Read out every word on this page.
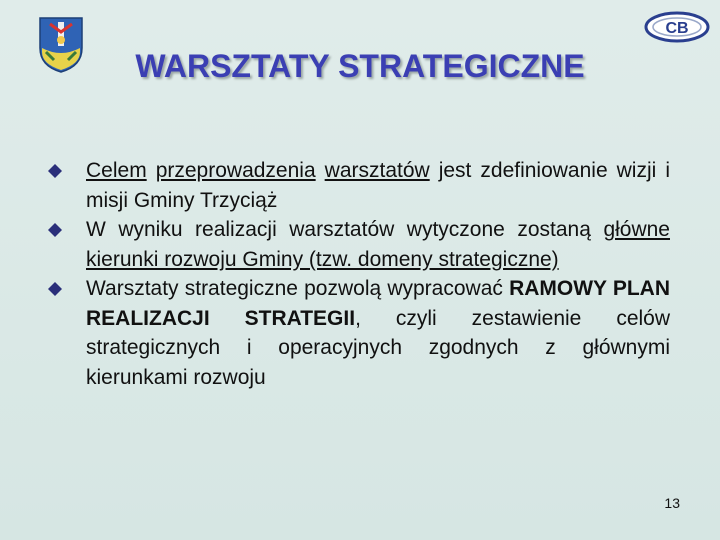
CB
WARSZTATY STRATEGICZNE
Celem przeprowadzenia warsztatów jest zdefiniowanie wizji i misji Gminy Trzyciąż
W wyniku realizacji warsztatów wytyczone zostaną główne kierunki rozwoju Gminy (tzw. domeny strategiczne)
Warsztaty strategiczne pozwolą wypracować RAMOWY PLAN REALIZACJI STRATEGII, czyli zestawienie celów strategicznych i operacyjnych zgodnych z głównymi kierunkami rozwoju
13
